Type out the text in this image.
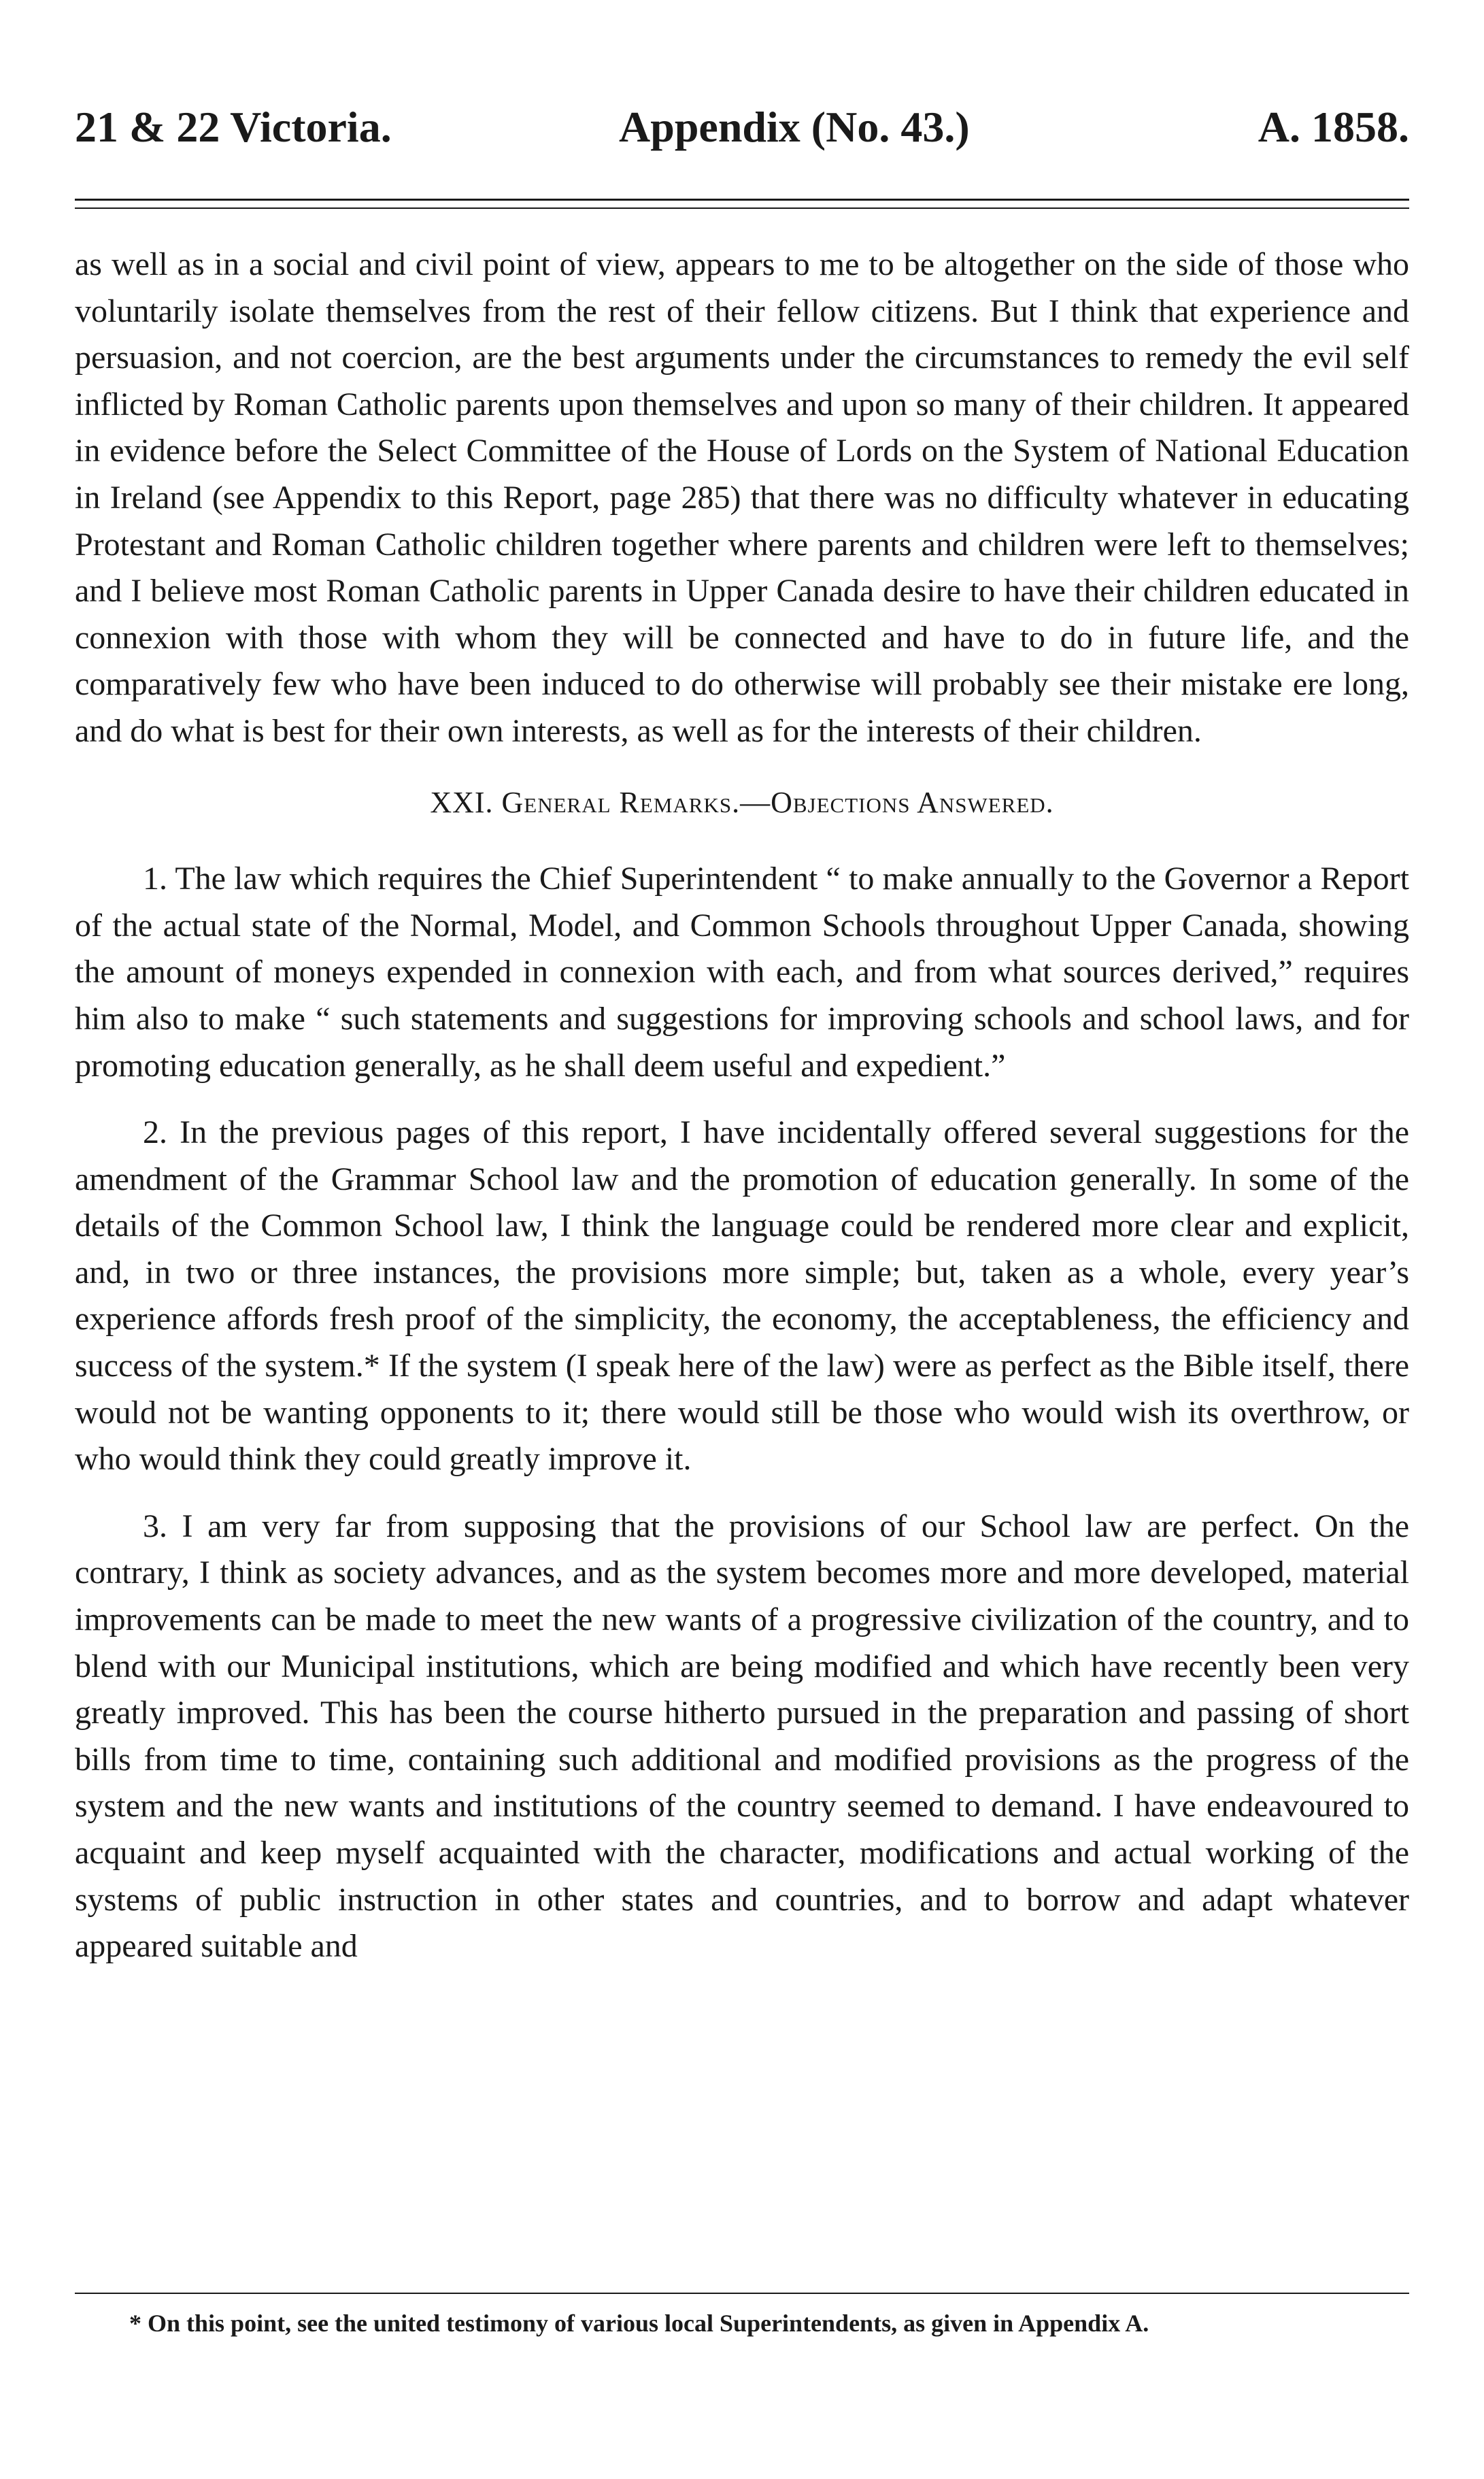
21 & 22 Victoria.	Appendix (No. 43.)	A. 1858.

as well as in a social and civil point of view, appears to me to be altogether on the side of those who voluntarily isolate themselves from the rest of their fellow citizens. But I think that experience and persuasion, and not coercion, are the best arguments under the circumstances to remedy the evil self inflicted by Roman Catholic parents upon themselves and upon so many of their children. It appeared in evidence before the Select Committee of the House of Lords on the System of National Education in Ireland (see Appendix to this Report, page 285) that there was no difficulty whatever in educating Protestant and Roman Catholic children together where parents and children were left to themselves; and I believe most Roman Catholic parents in Upper Canada desire to have their children educated in connexion with those with whom they will be connected and have to do in future life, and the comparatively few who have been induced to do otherwise will probably see their mistake ere long, and do what is best for their own interests, as well as for the interests of their children.

XXI. General Remarks.—Objections Answered.

1. The law which requires the Chief Superintendent “ to make annually to the Governor a Report of the actual state of the Normal, Model, and Common Schools throughout Upper Canada, showing the amount of moneys expended in connexion with each, and from what sources derived,” requires him also to make “ such statements and suggestions for improving schools and school laws, and for promoting education generally, as he shall deem useful and expedient.”

2. In the previous pages of this report, I have incidentally offered several suggestions for the amendment of the Grammar School law and the promotion of education generally. In some of the details of the Common School law, I think the language could be rendered more clear and explicit, and, in two or three instances, the provisions more simple; but, taken as a whole, every year’s experience affords fresh proof of the simplicity, the economy, the acceptableness, the efficiency and success of the system.* If the system (I speak here of the law) were as perfect as the Bible itself, there would not be wanting opponents to it; there would still be those who would wish its overthrow, or who would think they could greatly improve it.

3. I am very far from supposing that the provisions of our School law are perfect. On the contrary, I think as society advances, and as the system becomes more and more developed, material improvements can be made to meet the new wants of a progressive civilization of the country, and to blend with our Municipal institutions, which are being modified and which have recently been very greatly improved. This has been the course hitherto pursued in the preparation and passing of short bills from time to time, containing such additional and modified provisions as the progress of the system and the new wants and institutions of the country seemed to demand. I have endeavoured to acquaint and keep myself acquainted with the character, modifications and actual working of the systems of public instruction in other states and countries, and to borrow and adapt whatever appeared suitable and

* On this point, see the united testimony of various local Superintendents, as given in Appendix A.
